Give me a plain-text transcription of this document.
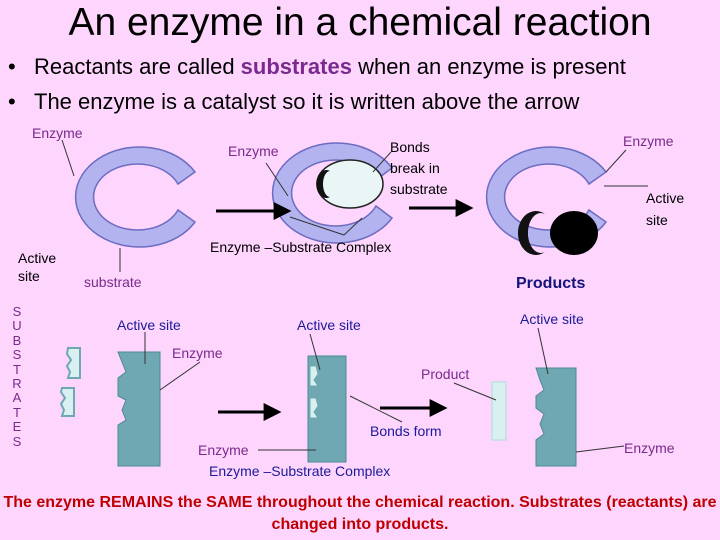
An enzyme in a chemical reaction
• Reactants are called substrates when an enzyme is present
• The enzyme is a catalyst so it is written above the arrow
Enzyme
Enzyme
Enzyme
Bonds
break in
substrate
Active
site
Active
site
Enzyme –Substrate Complex
substrate	Products
S
U
B
S
T
R
A
T
E
S
Active site	Active site	Active site
Enzyme
Product
Bonds form
Enzyme	Enzyme
Enzyme –Substrate Complex
The enzyme REMAINS the SAME throughout the chemical reaction. Substrates (reactants) are changed into products.
